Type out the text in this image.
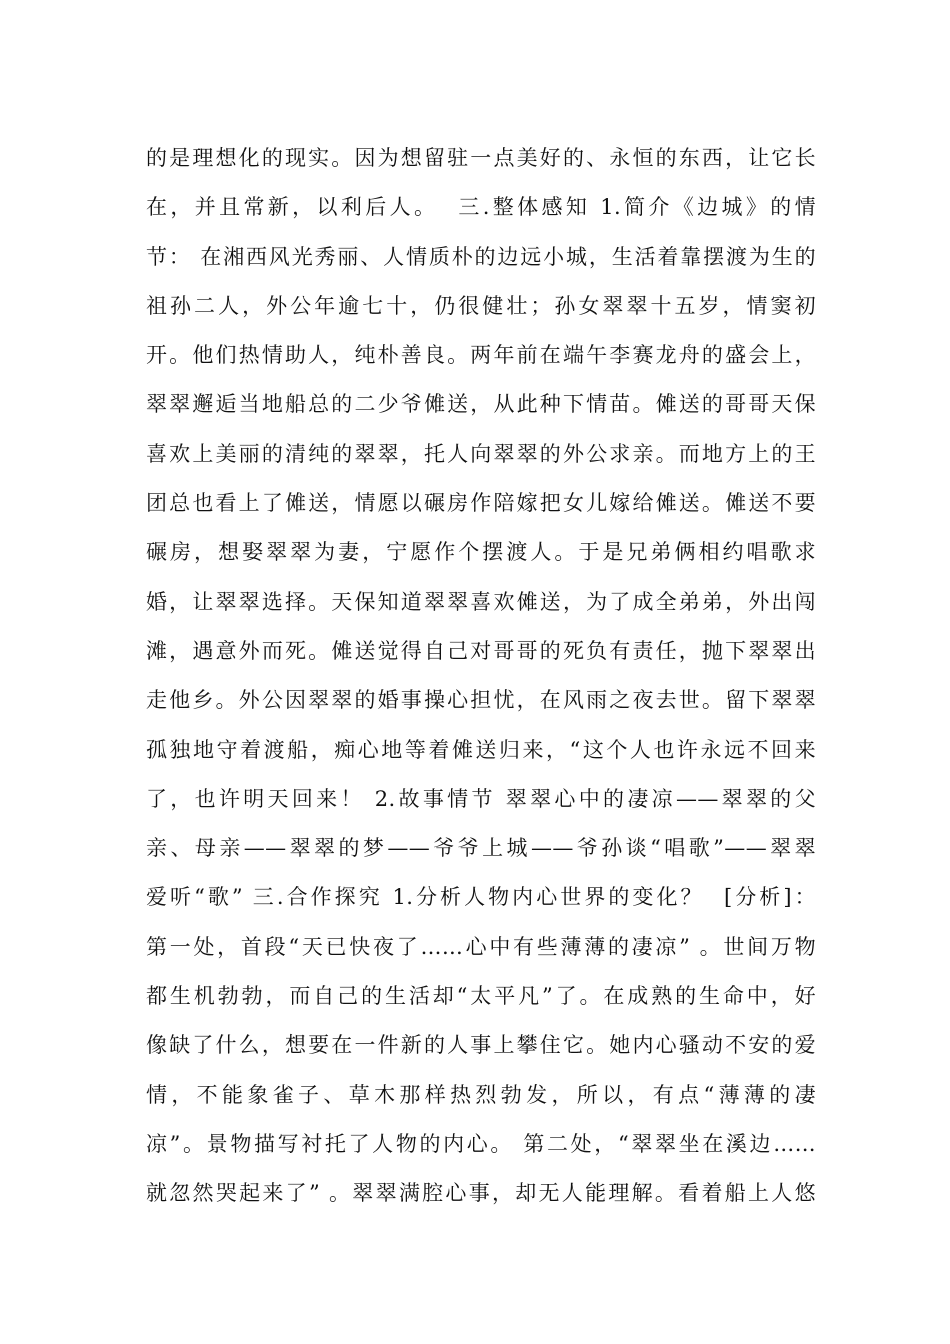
的是理想化的现实。因为想留驻一点美好的、永恒的东西，让它长
在，并且常新，以利后人。  三.整体感知 1.简介《边城》的情
节： 在湘西风光秀丽、人情质朴的边远小城，生活着靠摆渡为生的
祖孙二人，外公年逾七十，仍很健壮；孙女翠翠十五岁，情窦初
开。他们热情助人，纯朴善良。两年前在端午李赛龙舟的盛会上，
翠翠邂逅当地船总的二少爷傩送，从此种下情苗。傩送的哥哥天保
喜欢上美丽的清纯的翠翠，托人向翠翠的外公求亲。而地方上的王
团总也看上了傩送，情愿以碾房作陪嫁把女儿嫁给傩送。傩送不要
碾房，想娶翠翠为妻，宁愿作个摆渡人。于是兄弟俩相约唱歌求
婚，让翠翠选择。天保知道翠翠喜欢傩送，为了成全弟弟，外出闯
滩，遇意外而死。傩送觉得自己对哥哥的死负有责任，抛下翠翠出
走他乡。外公因翠翠的婚事操心担忧，在风雨之夜去世。留下翠翠
孤独地守着渡船，痴心地等着傩送归来，“这个人也许永远不回来
了，也许明天回来！ 2.故事情节 翠翠心中的凄凉——翠翠的父
亲、母亲——翠翠的梦——爷爷上城——爷孙谈“唱歌”——翠翠
爱听“歌” 三.合作探究 1.分析人物内心世界的变化？  [分析]：
第一处，首段“天已快夜了……心中有些薄薄的凄凉” 。世间万物
都生机勃勃，而自己的生活却“太平凡”了。在成熟的生命中，好
像缺了什么，想要在一件新的人事上攀住它。她内心骚动不安的爱
情，不能象雀子、草木那样热烈勃发，所以，有点“薄薄的凄
凉”。景物描写衬托了人物的内心。 第二处，“翠翠坐在溪边……
就忽然哭起来了” 。翠翠满腔心事，却无人能理解。看着船上人悠
